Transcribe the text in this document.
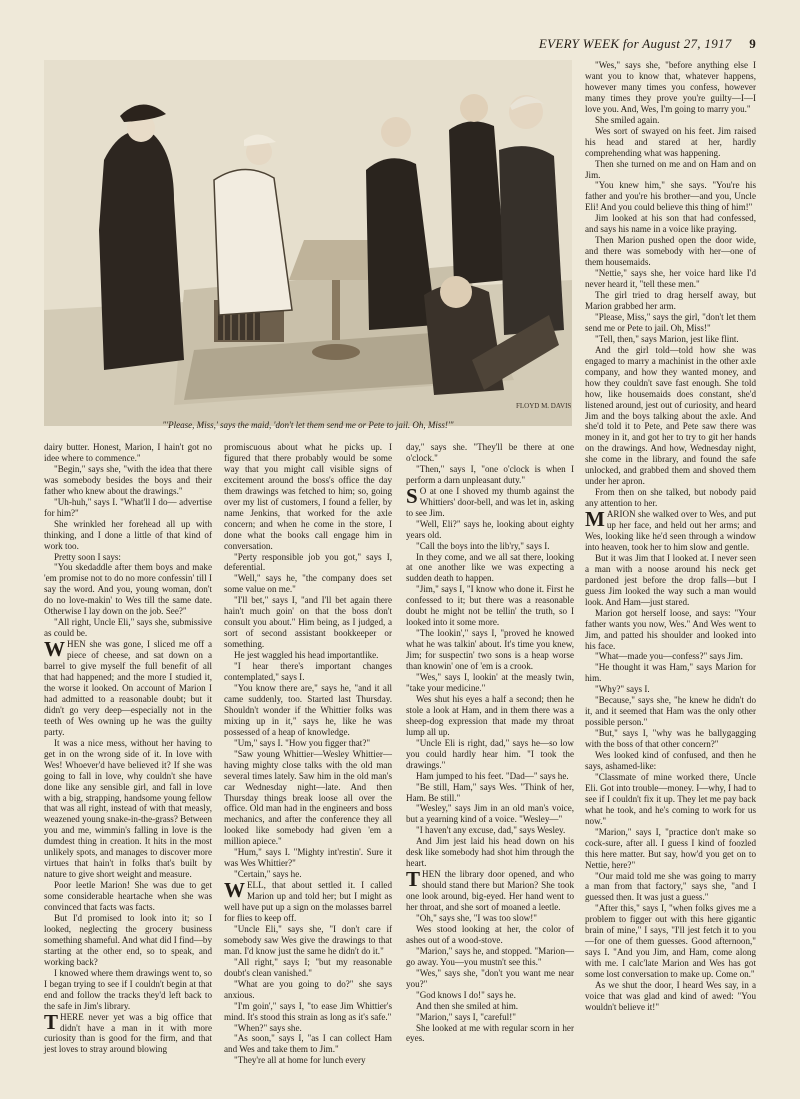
EVERY WEEK for August 27, 1917 9
FLOYD M. DAVIS
"'Please, Miss,' says the maid, 'don't let them send me or Pete to jail. Oh, Miss!'"

dairy butter. Honest, Marion, I hain't got no idee where to commence."

"Begin," says she, "with the idea that there was somebody besides the boys and their father who knew about the drawings."

"Uh-huh," says I. "What'll I do— advertise for him?"

She wrinkled her forehead all up with thinking, and I done a little of that kind of work too.

Pretty soon I says:

"You skedaddle after them boys and make 'em promise not to do no more confessin' till I say the word. And you, young woman, don't do no love-makin' to Wes till the same date. Otherwise I lay down on the job. See?"

"All right, Uncle Eli," says she, submissive as could be.

WHEN she was gone, I sliced me off a piece of cheese, and sat down on a barrel to give myself the full benefit of all that had happened; and the more I studied it, the worse it looked. On account of Marion I had admitted to a reasonable doubt; but it didn't go very deep—especially not in the teeth of Wes owning up he was the guilty party.

It was a nice mess, without her having to get in on the wrong side of it. In love with Wes! Whoever'd have believed it? If she was going to fall in love, why couldn't she have done like any sensible girl, and fall in love with a big, strapping, handsome young fellow that was all right, instead of with that measly, weazened young snake-in-the-grass? Between you and me, wimmin's falling in love is the dumdest thing in creation. It hits in the most unlikely spots, and manages to discover more virtues that hain't in folks that's built by nature to give short weight and measure.

Poor leetle Marion! She was due to get some considerable heartache when she was convinced that facts was facts.

But I'd promised to look into it; so I looked, neglecting the grocery business something shameful. And what did I find—by starting at the other end, so to speak, and working back?

I knowed where them drawings went to, so I began trying to see if I couldn't begin at that end and follow the tracks they'd left back to the safe in Jim's library.

THERE never yet was a big office that didn't have a man in it with more curiosity than is good for the firm, and that jest loves to stray around blowing

promiscuous about what he picks up. I figured that there probably would be some way that you might call visible signs of excitement around the boss's office the day them drawings was fetched to him; so, going over my list of customers, I found a feller, by name Jenkins, that worked for the axle concern; and when he come in the store, I done what the books call engage him in conversation.

"Perty responsible job you got," says I, deferential.

"Well," says he, "the company does set some value on me."

"I'll bet," says I, "and I'll bet again there hain't much goin' on that the boss don't consult you about." Him being, as I judged, a sort of second assistant bookkeeper or something.

He jest waggled his head importantlike.

"I hear there's important changes contemplated," says I.

"You know there are," says he, "and it all came suddenly, too. Started last Thursday. Shouldn't wonder if the Whittier folks was mixing up in it," says he, like he was possessed of a heap of knowledge.

"Um," says I. "How you figger that?"

"Saw young Whittier—Wesley Whittier—having mighty close talks with the old man several times lately. Saw him in the old man's car Wednesday night—late. And then Thursday things break loose all over the office. Old man had in the engineers and boss mechanics, and after the conference they all looked like somebody had given 'em a million apiece."

"Hum," says I. "Mighty int'restin'. Sure it was Wes Whittier?"

"Certain," says he.

WELL, that about settled it. I called Marion up and told her; but I might as well have put up a sign on the molasses barrel for flies to keep off.

"Uncle Eli," says she, "I don't care if somebody saw Wes give the drawings to that man. I'd know just the same he didn't do it."

"All right," says I; "but my reasonable doubt's clean vanished."

"What are you going to do?" she says anxious.

"I'm goin'," says I, "to ease Jim Whittier's mind. It's stood this strain as long as it's safe."

"When?" says she.

"As soon," says I, "as I can collect Ham and Wes and take them to Jim."

"They're all at home for lunch every

day," says she. "They'll be there at one o'clock."

"Then," says I, "one o'clock is when I perform a darn unpleasant duty."

SO at one I shoved my thumb against the Whittiers' door-bell, and was let in, asking to see Jim.

"Well, Eli?" says he, looking about eighty years old.

"Call the boys into the lib'ry," says I.

In they come, and we all sat there, looking at one another like we was expecting a sudden death to happen.

"Jim," says I, "I know who done it. First he confessed to it; but there was a reasonable doubt he might not be tellin' the truth, so I looked into it some more.

"The lookin'," says I, "proved he knowed what he was talkin' about. It's time you knew, Jim; for suspectin' two sons is a heap worse than knowin' one of 'em is a crook.

"Wes," says I, lookin' at the measly twin, "take your medicine."

Wes shut his eyes a half a second; then he stole a look at Ham, and in them there was a sheep-dog expression that made my throat lump all up.

"Uncle Eli is right, dad," says he—so low you could hardly hear him. "I took the drawings."

Ham jumped to his feet. "Dad—" says he.

"Be still, Ham," says Wes. "Think of her, Ham. Be still."

"Wesley," says Jim in an old man's voice, but a yearning kind of a voice. "Wesley—"

"I haven't any excuse, dad," says Wesley.

And Jim jest laid his head down on his desk like somebody had shot him through the heart.

THEN the library door opened, and who should stand there but Marion? She took one look around, big-eyed. Her hand went to her throat, and she sort of moaned a leetle.

"Oh," says she, "I was too slow!"

Wes stood looking at her, the color of ashes out of a wood-stove.

"Marion," says he, and stopped. "Marion—go away. You—you mustn't see this."

"Wes," says she, "don't you want me near you?"

"God knows I do!" says he.

And then she smiled at him.

"Marion," says I, "careful!"

She looked at me with regular scorn in her eyes.

"Wes," says she, "before anything else I want you to know that, whatever happens, however many times you confess, however many times they prove you're guilty—I—I love you. And, Wes, I'm going to marry you."

She smiled again.

Wes sort of swayed on his feet. Jim raised his head and stared at her, hardly comprehending what was happening.

Then she turned on me and on Ham and on Jim.

"You knew him," she says. "You're his father and you're his brother—and you, Uncle Eli! And you could believe this thing of him!"

Jim looked at his son that had confessed, and says his name in a voice like praying.

Then Marion pushed open the door wide, and there was somebody with her—one of them housemaids.

"Nettie," says she, her voice hard like I'd never heard it, "tell these men."

The girl tried to drag herself away, but Marion grabbed her arm.

"Please, Miss," says the girl, "don't let them send me or Pete to jail. Oh, Miss!"

"Tell, then," says Marion, jest like flint.

And the girl told—told how she was engaged to marry a machinist in the other axle company, and how they wanted money, and how they couldn't save fast enough. She told how, like housemaids does constant, she'd listened around, jest out of curiosity, and heard Jim and the boys talking about the axle. And she'd told it to Pete, and Pete saw there was money in it, and got her to try to git her hands on the drawings. And how, Wednesday night, she come in the library, and found the safe unlocked, and grabbed them and shoved them under her apron.

From then on she talked, but nobody paid any attention to her.

MARION she walked over to Wes, and put up her face, and held out her arms; and Wes, looking like he'd seen through a window into heaven, took her to him slow and gentle.

But it was Jim that I looked at. I never seen a man with a noose around his neck get pardoned jest before the drop falls—but I guess Jim looked the way such a man would look. And Ham—just stared.

Marion got herself loose, and says: "Your father wants you now, Wes." And Wes went to Jim, and patted his shoulder and looked into his face.

"What—made you—confess?" says Jim.

"He thought it was Ham," says Marion for him.

"Why?" says I.

"Because," says she, "he knew he didn't do it, and it seemed that Ham was the only other possible person."

"But," says I, "why was he ballygagging with the boss of that other concern?"

Wes looked kind of confused, and then he says, ashamed-like:

"Classmate of mine worked there, Uncle Eli. Got into trouble—money. I—why, I had to see if I couldn't fix it up. They let me pay back what he took, and he's coming to work for us now."

"Marion," says I, "practice don't make so cock-sure, after all. I guess I kind of foozled this here matter. But say, how'd you get on to Nettie, here?"

"Our maid told me she was going to marry a man from that factory," says she, "and I guessed then. It was just a guess."

"After this," says I, "when folks gives me a problem to figger out with this here gigantic brain of mine," I says, "I'll jest fetch it to you—for one of them guesses. Good afternoon," says I. "And you Jim, and Ham, come along with me. I calc'late Marion and Wes has got some lost conversation to make up. Come on."

As we shut the door, I heard Wes say, in a voice that was glad and kind of awed: "You wouldn't believe it!"
